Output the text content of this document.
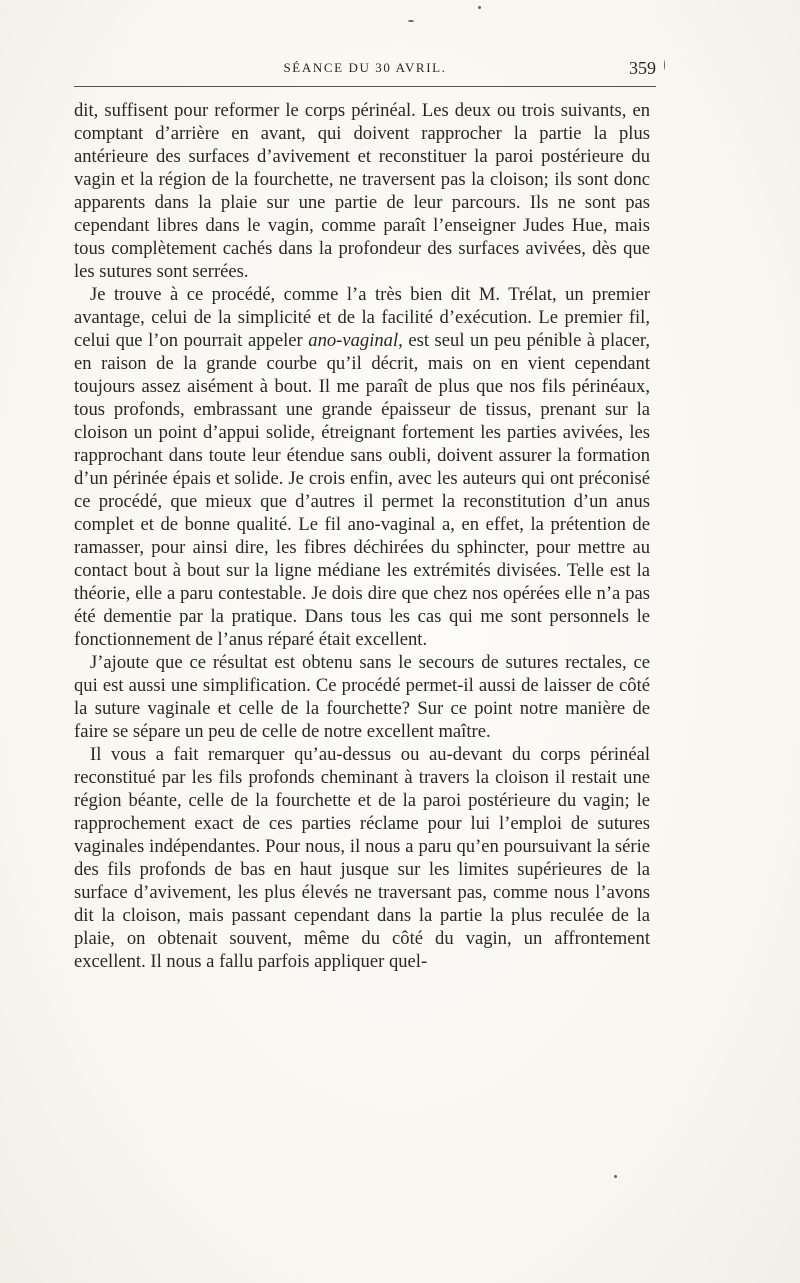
SÉANCE DU 30 AVRIL.	359

dit, suffisent pour reformer le corps périnéal. Les deux ou trois suivants, en comptant d’arrière en avant, qui doivent rapprocher la partie la plus antérieure des surfaces d’avivement et reconstituer la paroi postérieure du vagin et la région de la fourchette, ne traversent pas la cloison; ils sont donc apparents dans la plaie sur une partie de leur parcours. Ils ne sont pas cependant libres dans le vagin, comme paraît l’enseigner Judes Hue, mais tous complètement cachés dans la profondeur des surfaces avivées, dès que les sutures sont serrées.

Je trouve à ce procédé, comme l’a très bien dit M. Trélat, un premier avantage, celui de la simplicité et de la facilité d’exécution. Le premier fil, celui que l’on pourrait appeler ano-vaginal, est seul un peu pénible à placer, en raison de la grande courbe qu’il décrit, mais on en vient cependant toujours assez aisément à bout. Il me paraît de plus que nos fils périnéaux, tous profonds, embrassant une grande épaisseur de tissus, prenant sur la cloison un point d’appui solide, étreignant fortement les parties avivées, les rapprochant dans toute leur étendue sans oubli, doivent assurer la formation d’un périnée épais et solide. Je crois enfin, avec les auteurs qui ont préconisé ce procédé, que mieux que d’autres il permet la reconstitution d’un anus complet et de bonne qualité. Le fil ano-vaginal a, en effet, la prétention de ramasser, pour ainsi dire, les fibres déchirées du sphincter, pour mettre au contact bout à bout sur la ligne médiane les extrémités divisées. Telle est la théorie, elle a paru contestable. Je dois dire que chez nos opérées elle n’a pas été dementie par la pratique. Dans tous les cas qui me sont personnels le fonctionnement de l’anus réparé était excellent.

J’ajoute que ce résultat est obtenu sans le secours de sutures rectales, ce qui est aussi une simplification. Ce procédé permet-il aussi de laisser de côté la suture vaginale et celle de la fourchette? Sur ce point notre manière de faire se sépare un peu de celle de notre excellent maître.

Il vous a fait remarquer qu’au-dessus ou au-devant du corps périnéal reconstitué par les fils profonds cheminant à travers la cloison il restait une région béante, celle de la fourchette et de la paroi postérieure du vagin; le rapprochement exact de ces parties réclame pour lui l’emploi de sutures vaginales indépendantes. Pour nous, il nous a paru qu’en poursuivant la série des fils profonds de bas en haut jusque sur les limites supérieures de la surface d’avivement, les plus élevés ne traversant pas, comme nous l’avons dit la cloison, mais passant cependant dans la partie la plus reculée de la plaie, on obtenait souvent, même du côté du vagin, un affrontement excellent. Il nous a fallu parfois appliquer quel-
